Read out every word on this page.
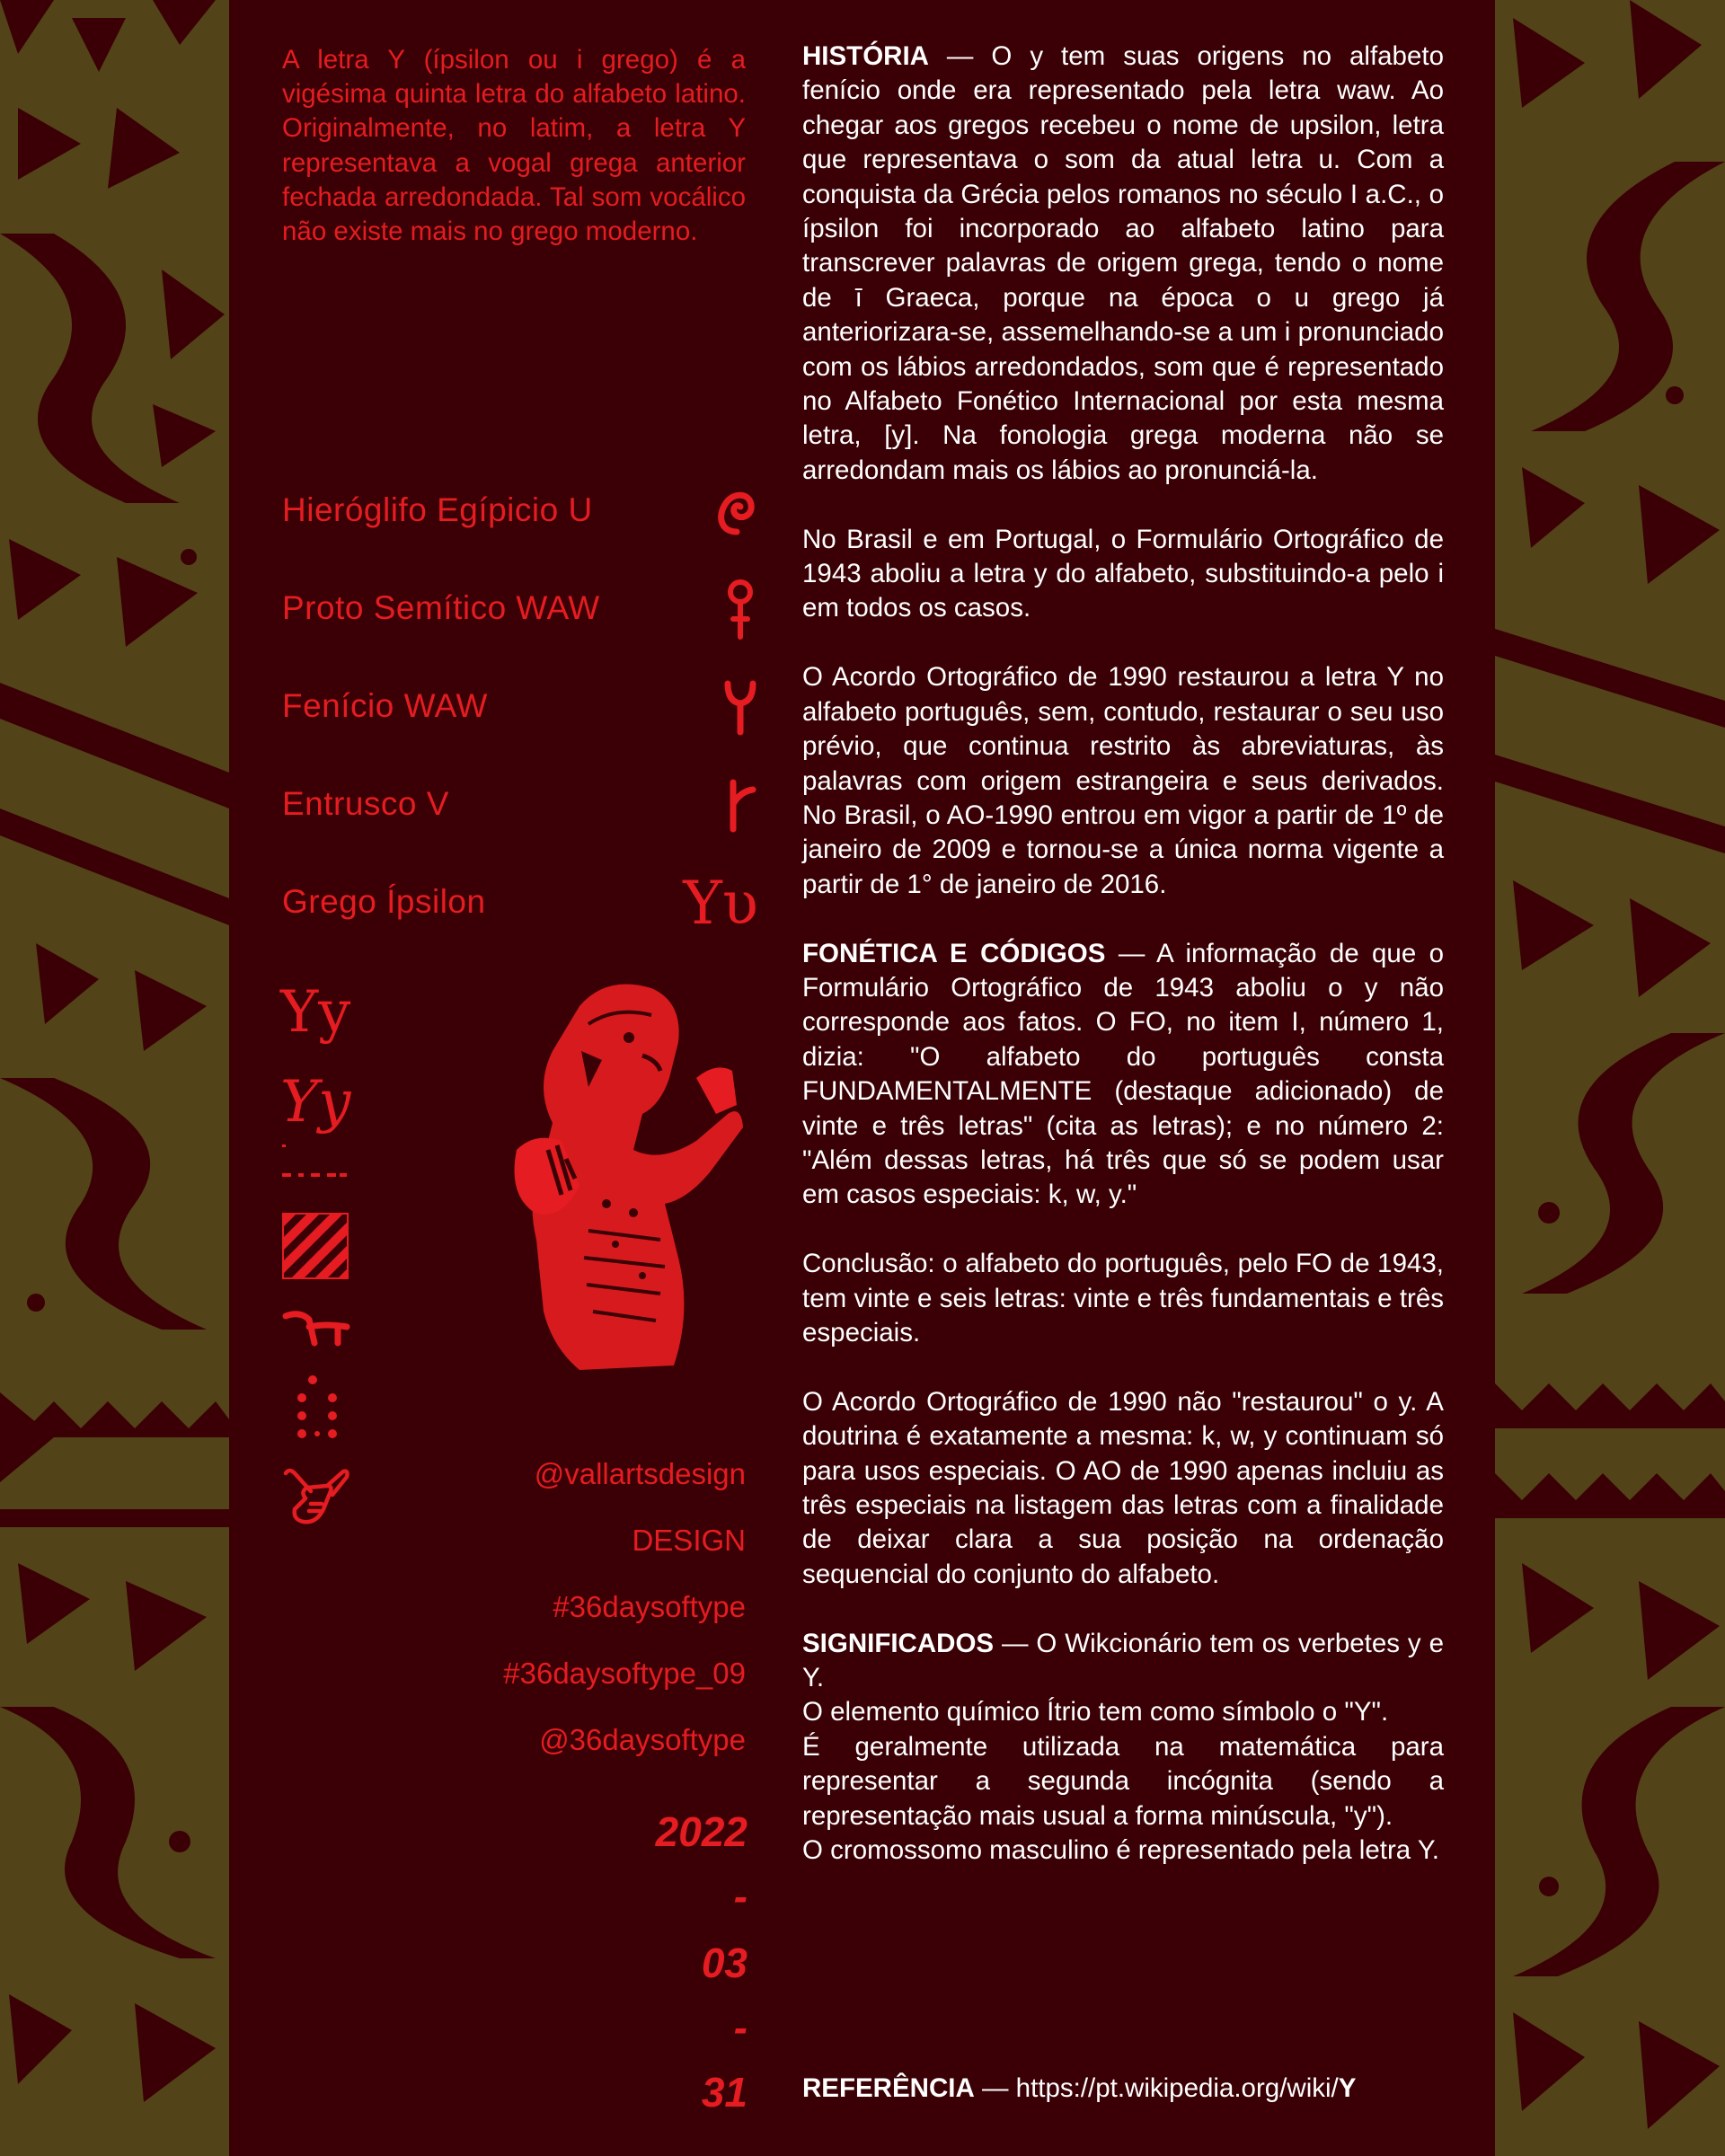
A letra Y (ípsilon ou i grego) é a vigésima quinta letra do alfabeto latino. Originalmente, no latim, a letra Y representava a vogal grega anterior fechada arredondada. Tal som vocálico não existe mais no grego moderno.
Hieróglifo Egípicio U
Proto Semítico WAW
Fenício WAW
Entrusco V
Grego Ípsilon	Υυ
Yy
Yy
@vallartsdesign
DESIGN
#36daysoftype
#36daysoftype_09
@36daysoftype
2022
-
03
-
31

HISTÓRIA — O y tem suas origens no alfabeto fenício onde era representado pela letra waw. Ao chegar aos gregos recebeu o nome de upsilon, letra que representava o som da atual letra u. Com a conquista da Grécia pelos romanos no século I a.C., o ípsilon foi incorporado ao alfabeto latino para transcrever palavras de origem grega, tendo o nome de ī Graeca, porque na época o u grego já anteriorizara-se, assemelhando-se a um i pronunciado com os lábios arredondados, som que é representado no Alfabeto Fonético Internacional por esta mesma letra, [y]. Na fonologia grega moderna não se arredondam mais os lábios ao pronunciá-la.

No Brasil e em Portugal, o Formulário Ortográfico de 1943 aboliu a letra y do alfabeto, substituindo-a pelo i em todos os casos.

O Acordo Ortográfico de 1990 restaurou a letra Y no alfabeto português, sem, contudo, restaurar o seu uso prévio, que continua restrito às abreviaturas, às palavras com origem estrangeira e seus derivados. No Brasil, o AO-1990 entrou em vigor a partir de 1º de janeiro de 2009 e tornou-se a única norma vigente a partir de 1° de janeiro de 2016.

FONÉTICA E CÓDIGOS — A informação de que o Formulário Ortográfico de 1943 aboliu o y não corresponde aos fatos. O FO, no item I, número 1, dizia: "O alfabeto do português consta FUNDAMENTALMENTE (destaque adicionado) de vinte e três letras" (cita as letras); e no número 2: "Além dessas letras, há três que só se podem usar em casos especiais: k, w, y."

Conclusão: o alfabeto do português, pelo FO de 1943, tem vinte e seis letras: vinte e três fundamentais e três especiais.

O Acordo Ortográfico de 1990 não "restaurou" o y. A doutrina é exatamente a mesma: k, w, y continuam só para usos especiais. O AO de 1990 apenas incluiu as três especiais na listagem das letras com a finalidade de deixar clara a sua posição na ordenação sequencial do conjunto do alfabeto.

SIGNIFICADOS — O Wikcionário tem os verbetes y e Y.
O elemento químico Ítrio tem como símbolo o "Y".
É geralmente utilizada na matemática para representar a segunda incógnita (sendo a representação mais usual a forma minúscula, "y").
O cromossomo masculino é representado pela letra Y.

REFERÊNCIA — https://pt.wikipedia.org/wiki/Y
